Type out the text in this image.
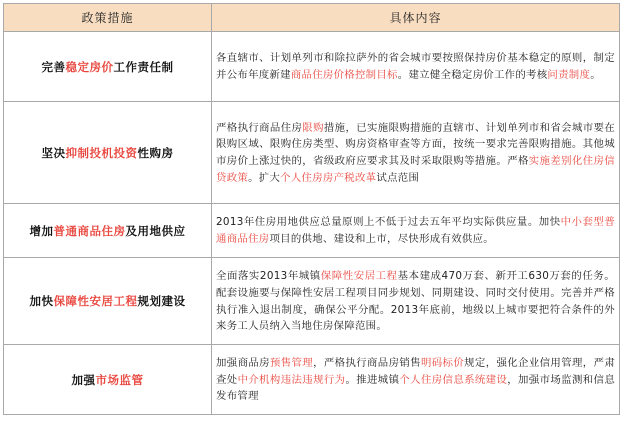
政策措施	具体内容
完善稳定房价工作责任制	各直辖市、计划单列市和除拉萨外的省会城市要按照保持房价基本稳定的原则，制定并公布年度新建商品住房价格控制目标。建立健全稳定房价工作的考核问责制度。
坚决抑制投机投资性购房	严格执行商品住房限购措施，已实施限购措施的直辖市、计划单列市和省会城市要在限购区域、限购住房类型、购房资格审查等方面，按统一要求完善限购措施。其他城市房价上涨过快的，省级政府应要求其及时采取限购等措施。严格实施差别化住房信贷政策。扩大个人住房房产税改革试点范围
增加普通商品住房及用地供应	2013年住房用地供应总量原则上不低于过去五年平均实际供应量。加快中小套型普通商品住房项目的供地、建设和上市，尽快形成有效供应。
加快保障性安居工程规划建设	全面落实2013年城镇保障性安居工程基本建成470万套、新开工630万套的任务。配套设施要与保障性安居工程项目同步规划、同期建设、同时交付使用。完善并严格执行准入退出制度，确保公平分配。2013年底前，地级以上城市要把符合条件的外来务工人员纳入当地住房保障范围。
加强市场监管	加强商品房预售管理，严格执行商品房销售明码标价规定，强化企业信用管理，严肃查处中介机构违法违规行为。推进城镇个人住房信息系统建设，加强市场监测和信息发布管理
